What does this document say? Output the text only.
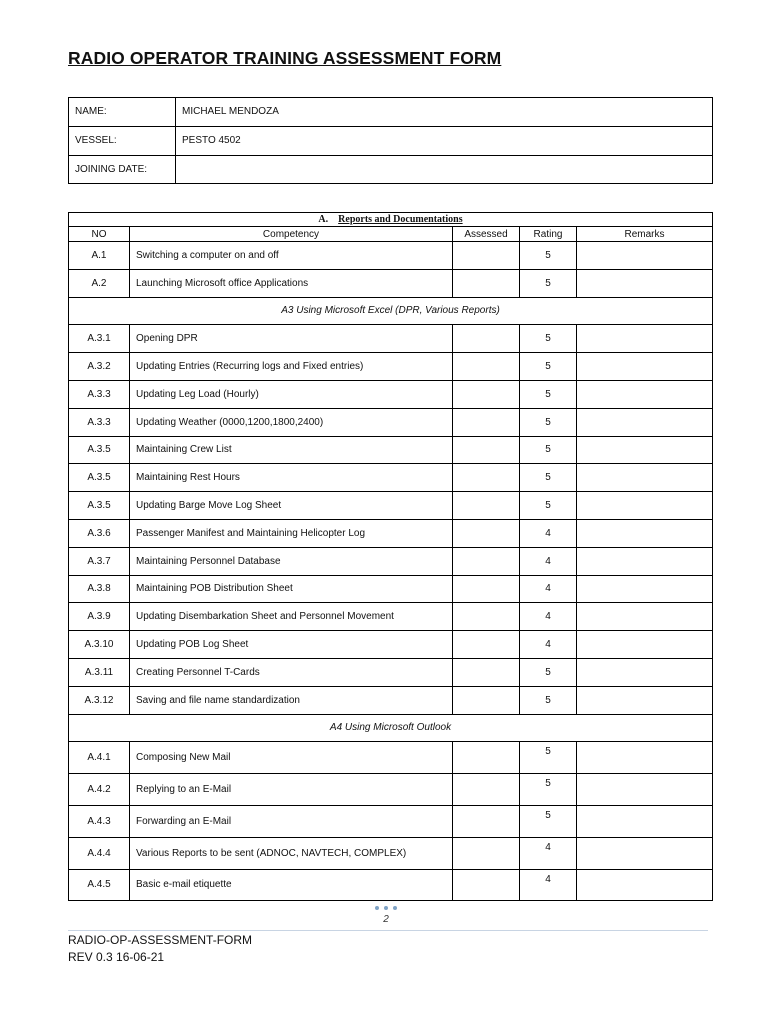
RADIO OPERATOR TRAINING ASSESSMENT FORM
NAME:	MICHAEL MENDOZA
VESSEL:	PESTO 4502
JOINING DATE:	
A. Reports and Documentations				
NO	Competency	Assessed	Rating	Remarks
A.1	Switching a computer on and off		5	
A.2	Launching Microsoft office Applications		5	
A3 Using Microsoft Excel (DPR, Various Reports)				
A.3.1	Opening DPR		5	
A.3.2	Updating Entries (Recurring logs and Fixed entries)		5	
A.3.3	Updating Leg Load (Hourly)		5	
A.3.3	Updating Weather (0000,1200,1800,2400)		5	
A.3.5	Maintaining Crew List		5	
A.3.5	Maintaining Rest Hours		5	
A.3.5	Updating Barge Move Log Sheet		5	
A.3.6	Passenger Manifest and Maintaining Helicopter Log		4	
A.3.7	Maintaining Personnel Database		4	
A.3.8	Maintaining POB Distribution Sheet		4	
A.3.9	Updating Disembarkation Sheet and Personnel Movement		4	
A.3.10	Updating POB Log Sheet		4	
A.3.11	Creating Personnel T-Cards		5	
A.3.12	Saving and file name standardization		5	
A4 Using Microsoft Outlook				
A.4.1	Composing New Mail		5	
A.4.2	Replying to an E-Mail		5	
A.4.3	Forwarding an E-Mail		5	
A.4.4	Various Reports to be sent (ADNOC, NAVTECH, COMPLEX)		4	
A.4.5	Basic e-mail etiquette		4	
2
RADIO-OP-ASSESSMENT-FORM
REV 0.3 16-06-21
